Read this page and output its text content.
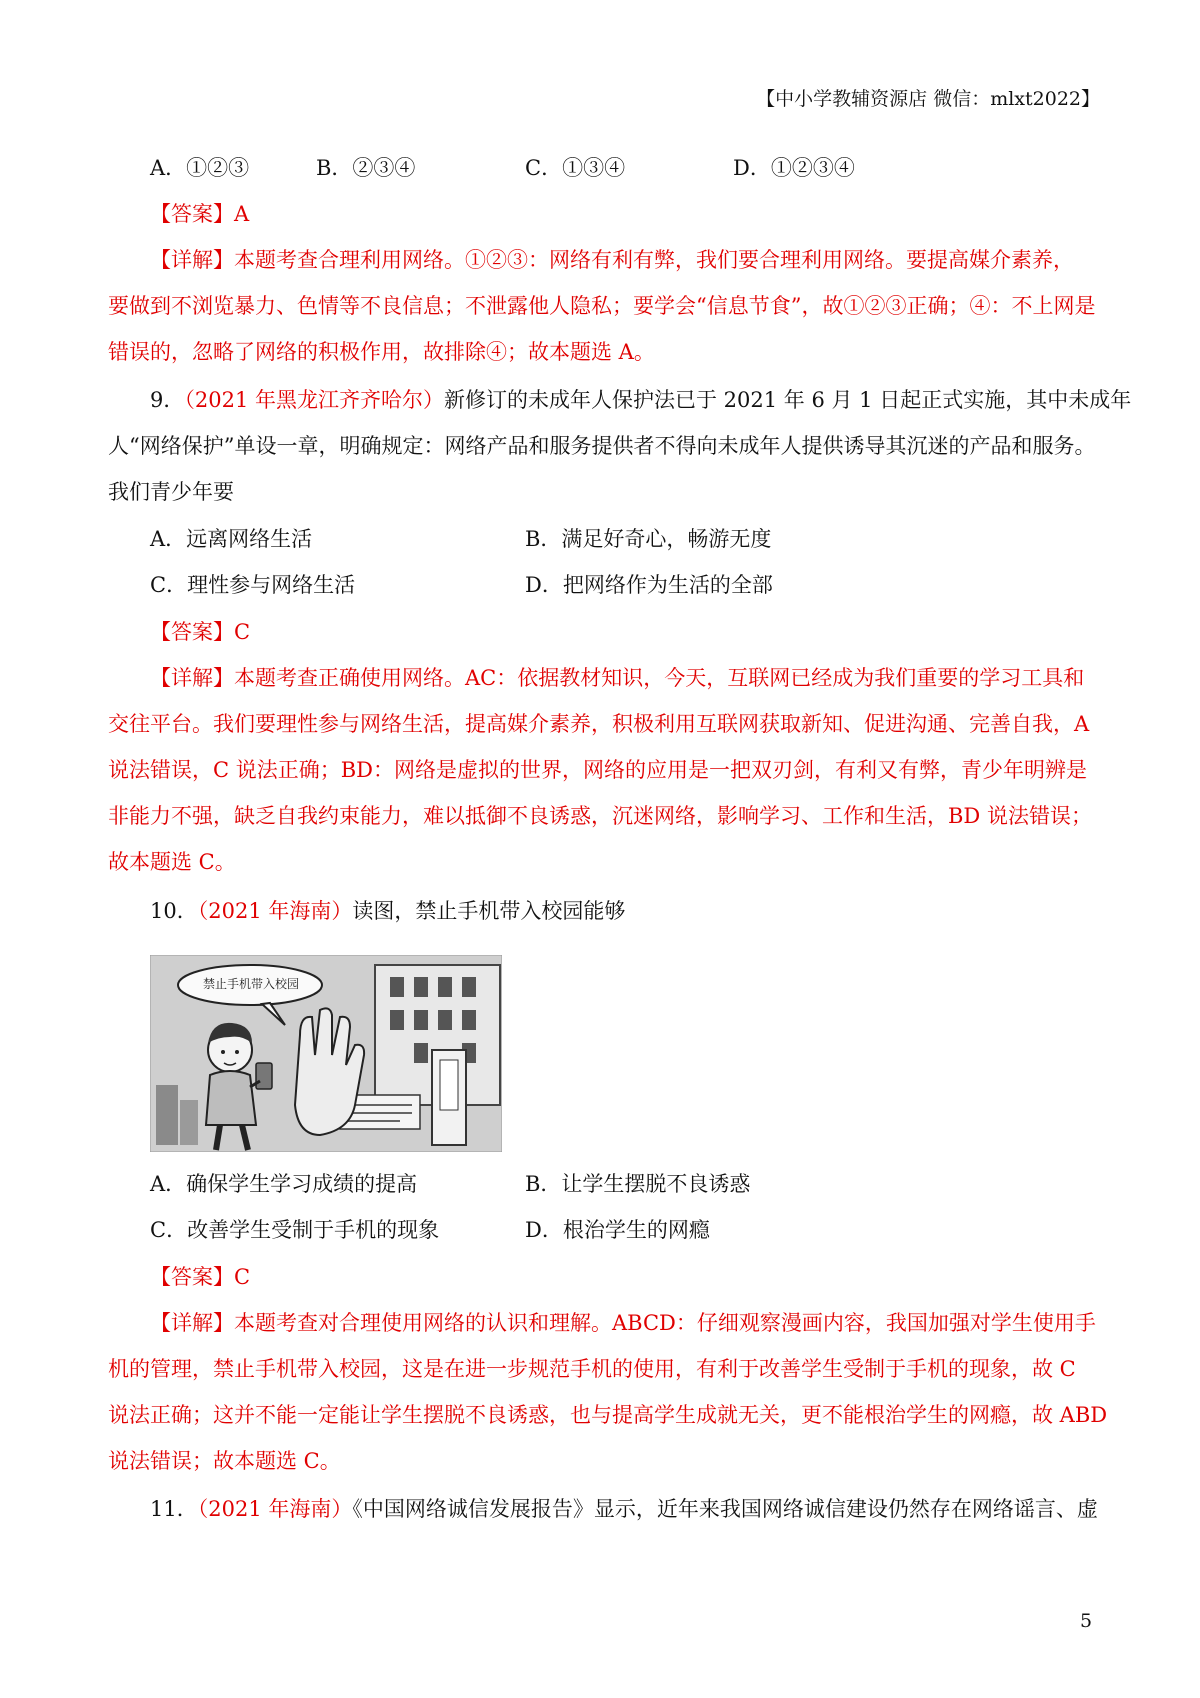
【中小学教辅资源店 微信：mlxt2022】
A．①②③	B．②③④	C．①③④	D．①②③④
【答案】A
【详解】本题考查合理利用网络。①②③：网络有利有弊，我们要合理利用网络。要提高媒介素养，
要做到不浏览暴力、色情等不良信息；不泄露他人隐私；要学会“信息节食”，故①②③正确；④：不上网是
错误的，忽略了网络的积极作用，故排除④；故本题选 A。
9．（2021 年黑龙江齐齐哈尔）新修订的未成年人保护法已于 2021 年 6 月 1 日起正式实施，其中未成年
人“网络保护”单设一章，明确规定：网络产品和服务提供者不得向未成年人提供诱导其沉迷的产品和服务。
我们青少年要
A．远离网络生活	B．满足好奇心，畅游无度
C．理性参与网络生活	D．把网络作为生活的全部
【答案】C
【详解】本题考查正确使用网络。AC：依据教材知识，今天，互联网已经成为我们重要的学习工具和
交往平台。我们要理性参与网络生活，提高媒介素养，积极利用互联网获取新知、促进沟通、完善自我，A
说法错误，C 说法正确；BD：网络是虚拟的世界，网络的应用是一把双刃剑，有利又有弊，青少年明辨是
非能力不强，缺乏自我约束能力，难以抵御不良诱惑，沉迷网络，影响学习、工作和生活，BD 说法错误；
故本题选 C。
10．（2021 年海南）读图，禁止手机带入校园能够
禁止手机带入校园
A．确保学生学习成绩的提高	B．让学生摆脱不良诱惑
C．改善学生受制于手机的现象	D．根治学生的网瘾
【答案】C
【详解】本题考查对合理使用网络的认识和理解。ABCD：仔细观察漫画内容，我国加强对学生使用手
机的管理，禁止手机带入校园，这是在进一步规范手机的使用，有利于改善学生受制于手机的现象，故 C
说法正确；这并不能一定能让学生摆脱不良诱惑，也与提高学生成就无关，更不能根治学生的网瘾，故 ABD
说法错误；故本题选 C。
11．（2021 年海南）《中国网络诚信发展报告》显示，近年来我国网络诚信建设仍然存在网络谣言、虚
5
